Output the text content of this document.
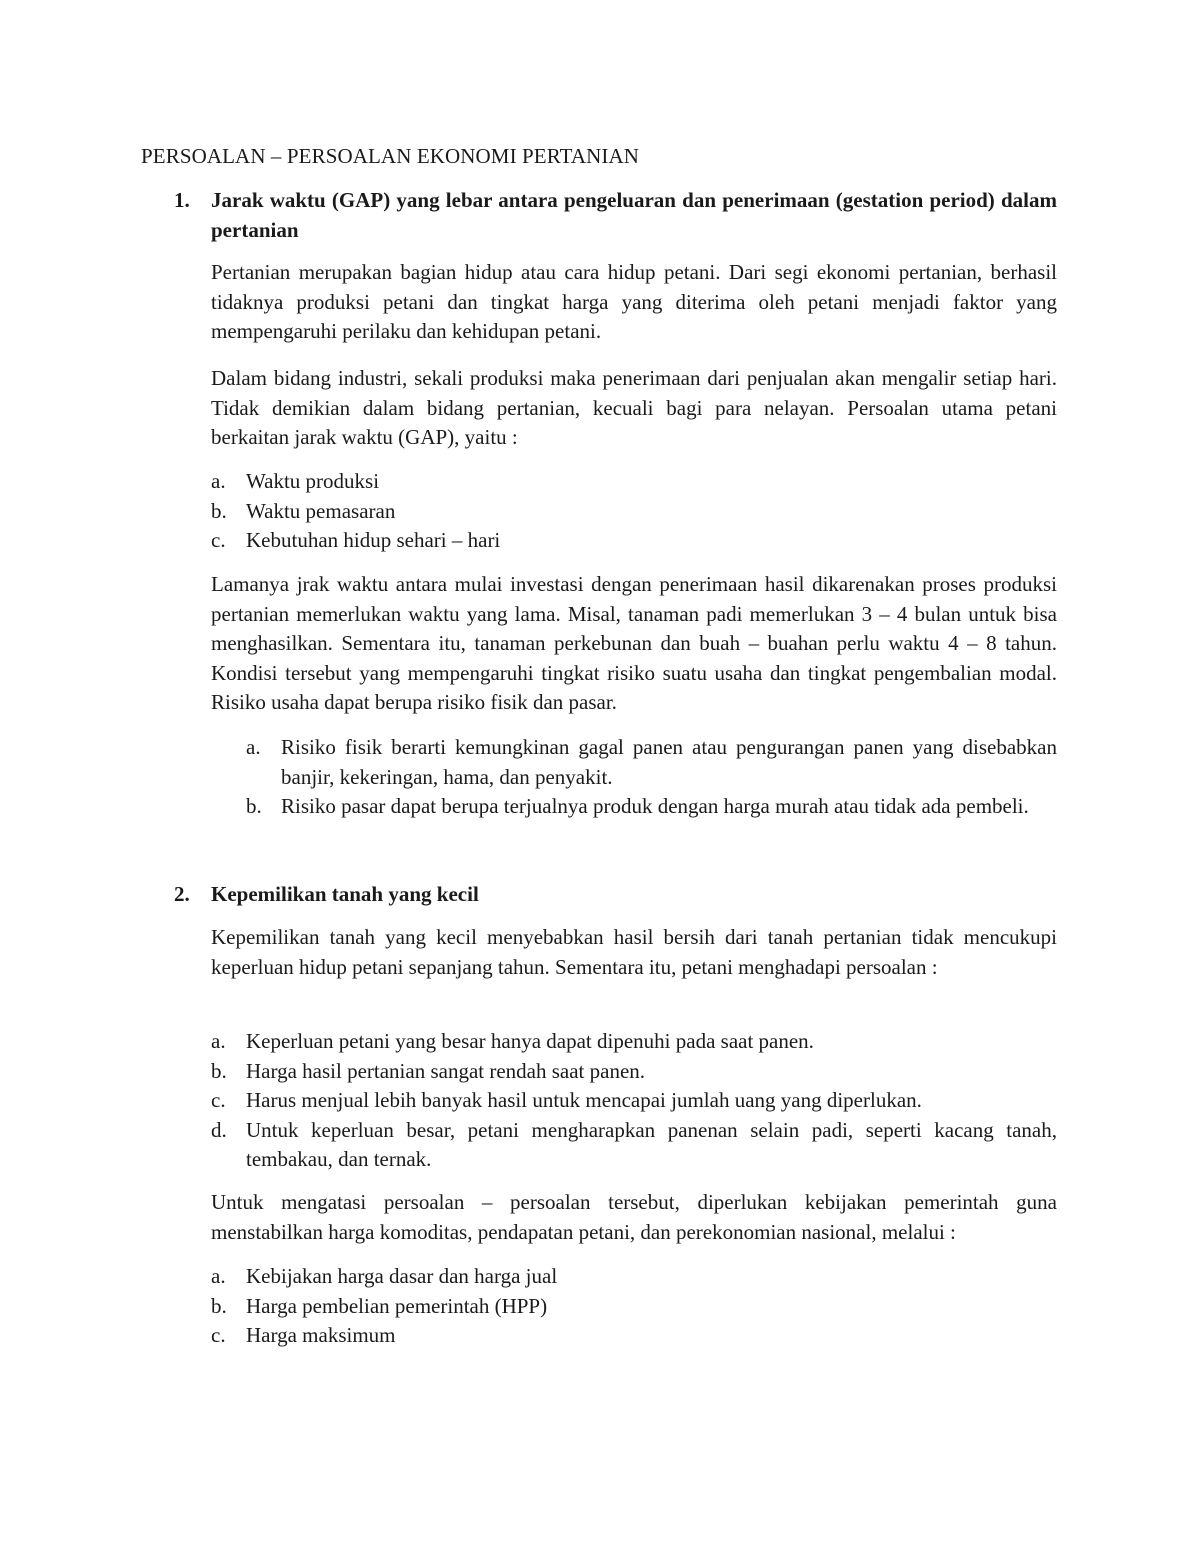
PERSOALAN – PERSOALAN EKONOMI PERTANIAN
1.	Jarak waktu (GAP) yang lebar antara pengeluaran dan penerimaan (gestation period) dalam pertanian

Pertanian merupakan bagian hidup atau cara hidup petani. Dari segi ekonomi pertanian, berhasil tidaknya produksi petani dan tingkat harga yang diterima oleh petani menjadi faktor yang mempengaruhi perilaku dan kehidupan petani.

Dalam bidang industri, sekali produksi maka penerimaan dari penjualan akan mengalir setiap hari. Tidak demikian dalam bidang pertanian, kecuali bagi para nelayan. Persoalan utama petani berkaitan jarak waktu (GAP), yaitu :

a. Waktu produksi
b. Waktu pemasaran
c. Kebutuhan hidup sehari – hari

Lamanya jrak waktu antara mulai investasi dengan penerimaan hasil dikarenakan proses produksi pertanian memerlukan waktu yang lama. Misal, tanaman padi memerlukan 3 – 4 bulan untuk bisa menghasilkan. Sementara itu, tanaman perkebunan dan buah – buahan perlu waktu 4 – 8 tahun. Kondisi tersebut yang mempengaruhi tingkat risiko suatu usaha dan tingkat pengembalian modal. Risiko usaha dapat berupa risiko fisik dan pasar.

a. Risiko fisik berarti kemungkinan gagal panen atau pengurangan panen yang disebabkan banjir, kekeringan, hama, dan penyakit.
b. Risiko pasar dapat berupa terjualnya produk dengan harga murah atau tidak ada pembeli.
2.	Kepemilikan tanah yang kecil

Kepemilikan tanah yang kecil menyebabkan hasil bersih dari tanah pertanian tidak mencukupi keperluan hidup petani sepanjang tahun. Sementara itu, petani menghadapi persoalan :

a. Keperluan petani yang besar hanya dapat dipenuhi pada saat panen.
b. Harga hasil pertanian sangat rendah saat panen.
c. Harus menjual lebih banyak hasil untuk mencapai jumlah uang yang diperlukan.
d. Untuk keperluan besar, petani mengharapkan panenan selain padi, seperti kacang tanah, tembakau, dan ternak.

Untuk mengatasi persoalan – persoalan tersebut, diperlukan kebijakan pemerintah guna menstabilkan harga komoditas, pendapatan petani, dan perekonomian nasional, melalui :

a. Kebijakan harga dasar dan harga jual
b. Harga pembelian pemerintah (HPP)
c. Harga maksimum
